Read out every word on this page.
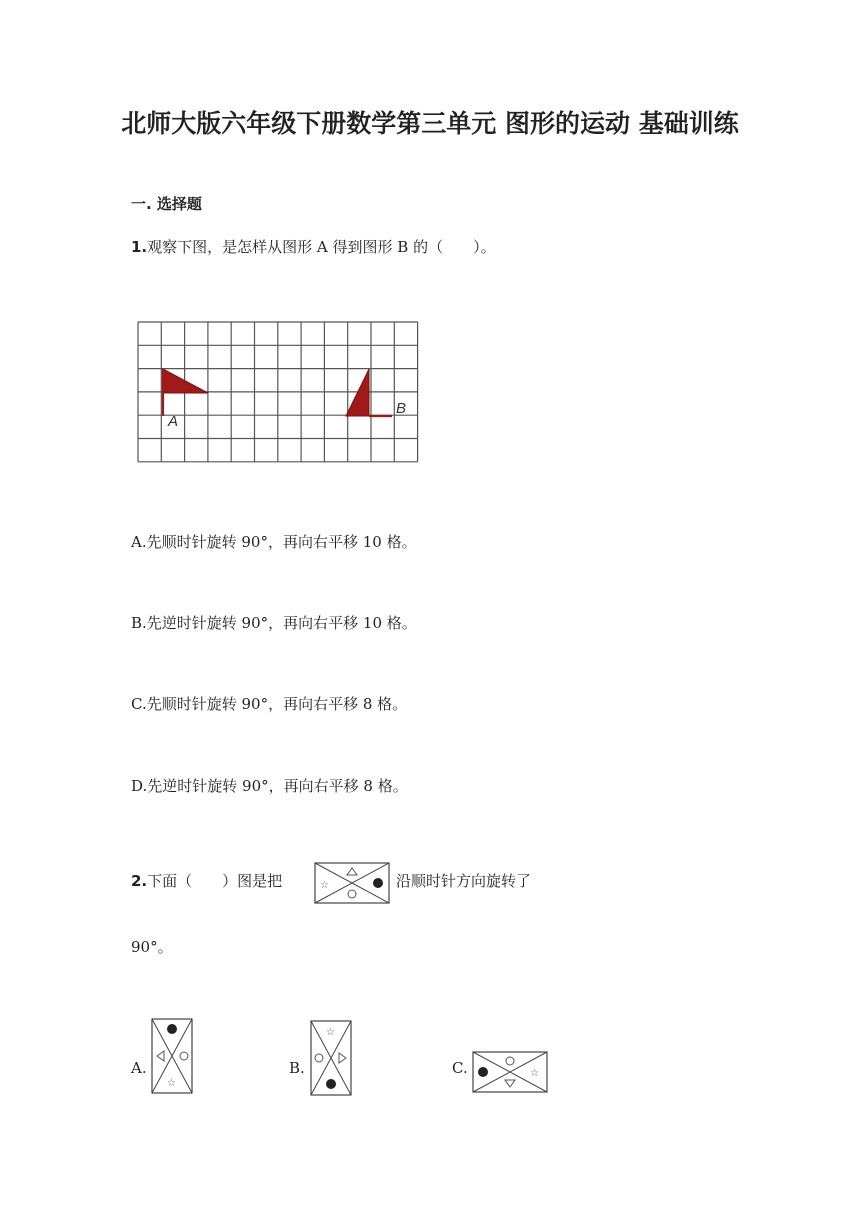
北师大版六年级下册数学第三单元 图形的运动 基础训练
一. 选择题
1.观察下图，是怎样从图形 A 得到图形 B 的（　　）。
A
B
A.先顺时针旋转 90°，再向右平移 10 格。
B.先逆时针旋转 90°，再向右平移 10 格。
C.先顺时针旋转 90°，再向右平移 8 格。
D.先逆时针旋转 90°，再向右平移 8 格。
2.下面（　　）图是把	☆	沿顺时针方向旋转了
90°。
A.
☆
B.
☆
C.	☆
